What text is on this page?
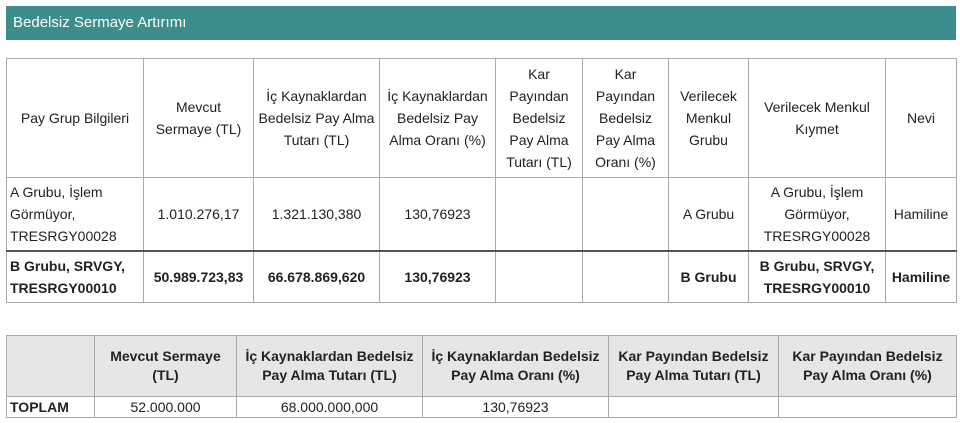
Bedelsiz Sermaye Artırımı
Pay Grup Bilgileri	Mevcut Sermaye (TL)	İç Kaynaklardan Bedelsiz Pay Alma Tutarı (TL)	İç Kaynaklardan Bedelsiz Pay Alma Oranı (%)	Kar Payından Bedelsiz Pay Alma Tutarı (TL)	Kar Payından Bedelsiz Pay Alma Oranı (%)	Verilecek Menkul Grubu	Verilecek Menkul Kıymet	Nevi
A Grubu, İşlem Görmüyor, TRESRGY00028	1.010.276,17	1.321.130,380	130,76923			A Grubu	A Grubu, İşlem Görmüyor, TRESRGY00028	Hamiline
B Grubu, SRVGY, TRESRGY00010	50.989.723,83	66.678.869,620	130,76923			B Grubu	B Grubu, SRVGY, TRESRGY00010	Hamiline
	Mevcut Sermaye (TL)	İç Kaynaklardan Bedelsiz Pay Alma Tutarı (TL)	İç Kaynaklardan Bedelsiz Pay Alma Oranı (%)	Kar Payından Bedelsiz Pay Alma Tutarı (TL)	Kar Payından Bedelsiz Pay Alma Oranı (%)
TOPLAM	52.000.000	68.000.000,000	130,76923		
